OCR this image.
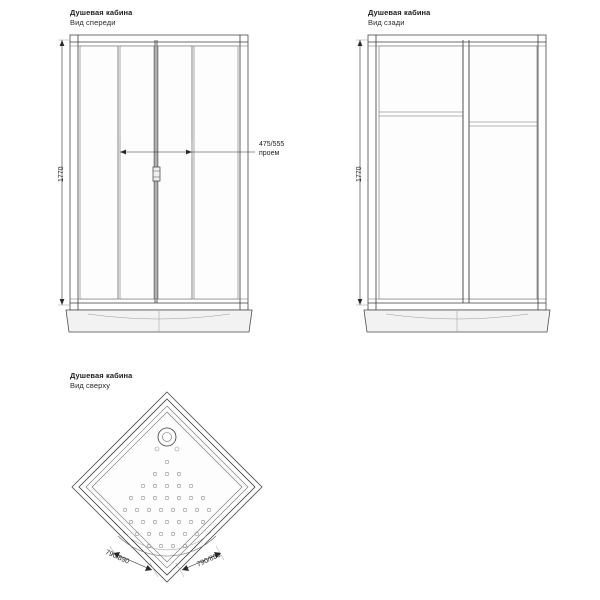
Душевая кабина
Вид спереди
Душевая кабина
Вид сзади
Душевая кабина
Вид сверху
1770
475/555
проем
1770
790/890	790/890
